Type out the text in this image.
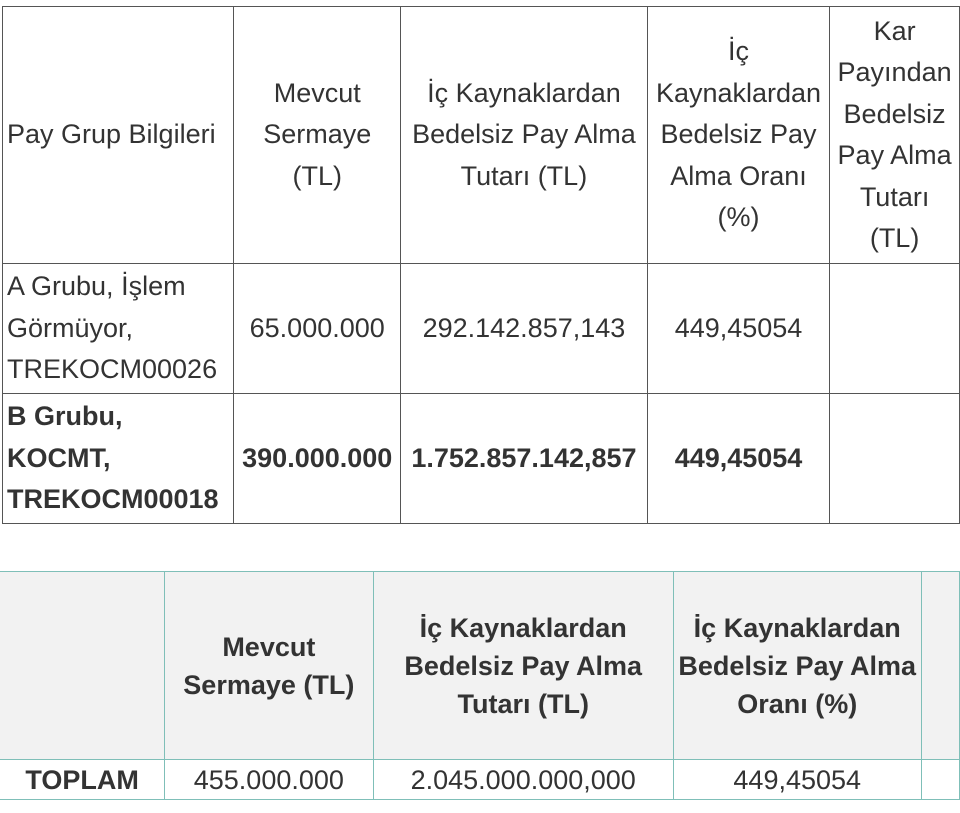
Pay Grup Bilgileri	Mevcut Sermaye (TL)	İç Kaynaklardan Bedelsiz Pay Alma Tutarı (TL)	İç Kaynaklardan Bedelsiz Pay Alma Oranı (%)	Kar Payından Bedelsiz Pay Alma Tutarı (TL)
A Grubu, İşlem Görmüyor, TREKOCM00026	65.000.000	292.142.857,143	449,45054	
B Grubu, KOCMT, TREKOCM00018	390.000.000	1.752.857.142,857	449,45054	
	Mevcut Sermaye (TL)	İç Kaynaklardan Bedelsiz Pay Alma Tutarı (TL)	İç Kaynaklardan Bedelsiz Pay Alma Oranı (%)	
TOPLAM	455.000.000	2.045.000.000,000	449,45054	
